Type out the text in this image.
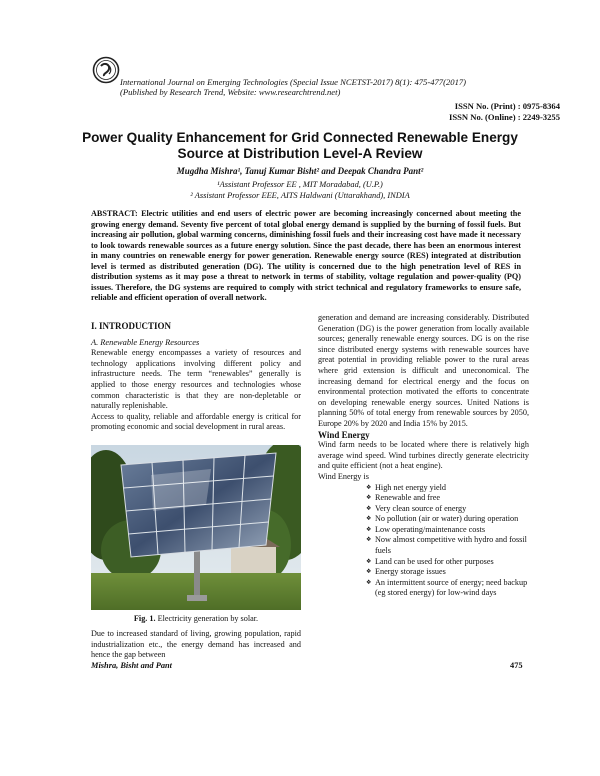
International Journal on Emerging Technologies (Special Issue NCETST-2017) 8(1): 475-477(2017)
(Published by Research Trend, Website: www.researchtrend.net)
ISSN No. (Print) : 0975-8364
ISSN No. (Online) : 2249-3255
Power Quality Enhancement for Grid Connected Renewable Energy
Source at Distribution Level-A Review
Mugdha Mishra¹, Tanuj Kumar Bisht² and Deepak Chandra Pant²
¹Assistant Professor EE , MIT Moradabad, (U.P.)
² Assistant Professor EEE, AITS Haldwani (Uttarakhand), INDIA
ABSTRACT: Electric utilities and end users of electric power are becoming increasingly concerned about meeting the growing energy demand. Seventy five percent of total global energy demand is supplied by the burning of fossil fuels. But increasing air pollution, global warming concerns, diminishing fossil fuels and their increasing cost have made it necessary to look towards renewable sources as a future energy solution. Since the past decade, there has been an enormous interest in many countries on renewable energy for power generation. Renewable energy source (RES) integrated at distribution level is termed as distributed generation (DG). The utility is concerned due to the high penetration level of RES in distribution systems as it may pose a threat to network in terms of stability, voltage regulation and power-quality (PQ) issues. Therefore, the DG systems are required to comply with strict technical and regulatory frameworks to ensure safe, reliable and efficient operation of overall network.
I. INTRODUCTION
A. Renewable Energy Resources

Renewable energy encompasses a variety of resources and technology applications involving different policy and infrastructure needs. The term “renewables” generally is applied to those energy resources and technologies whose common characteristic is that they are non-depletable or naturally replenishable.

Access to quality, reliable and affordable energy is critical for promoting economic and social development in rural areas.

Fig. 1. Electricity generation by solar.

Due to increased standard of living, growing population, rapid industrialization etc., the energy demand has increased and hence the gap between

generation and demand are increasing considerably. Distributed Generation (DG) is the power generation from locally available sources; generally renewable energy sources. DG is on the rise since distributed energy systems with renewable sources have great potential in providing reliable power to the rural areas where grid extension is difficult and uneconomical. The increasing demand for electrical energy and the focus on environmental protection motivated the efforts to concentrate on developing renewable energy sources. United Nations is planning 50% of total energy from renewable sources by 2050, Europe 20% by 2020 and India 15% by 2015.

Wind Energy

Wind farm needs to be located where there is relatively high average wind speed. Wind turbines directly generate electricity and quite efficient (not a heat engine).

Wind Energy is

❖ High net energy yield
❖ Renewable and free
❖ Very clean source of energy
❖ No pollution (air or water) during operation
❖ Low operating/maintenance costs
❖ Now almost competitive with hydro and fossil fuels
❖ Land can be used for other purposes
❖ Energy storage issues
❖ An intermittent source of energy; need backup (eg stored energy) for low-wind days
Mishra, Bisht and Pant	475
